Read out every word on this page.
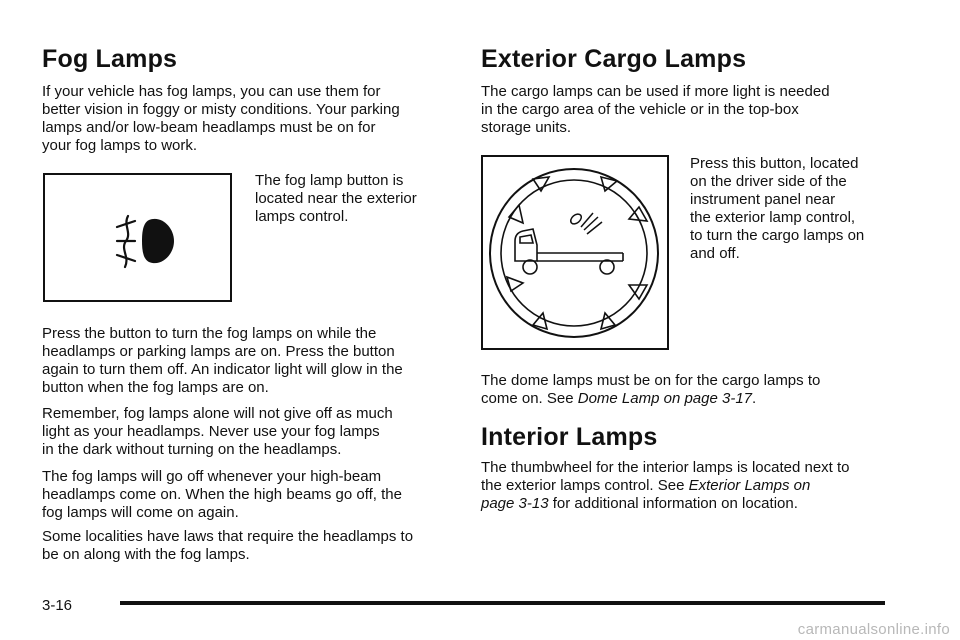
Fog Lamps

If your vehicle has fog lamps, you can use them for

better vision in foggy or misty conditions. Your parking

lamps and/or low-beam headlamps must be on for

your fog lamps to work.

The fog lamp button is

located near the exterior

lamps control.

Press the button to turn the fog lamps on while the

headlamps or parking lamps are on. Press the button

again to turn them off. An indicator light will glow in the

button when the fog lamps are on.

Remember, fog lamps alone will not give off as much

light as your headlamps. Never use your fog lamps

in the dark without turning on the headlamps.

The fog lamps will go off whenever your high-beam

headlamps come on. When the high beams go off, the

fog lamps will come on again.

Some localities have laws that require the headlamps to

be on along with the fog lamps.

Exterior Cargo Lamps

The cargo lamps can be used if more light is needed

in the cargo area of the vehicle or in the top-box

storage units.

Press this button, located

on the driver side of the

instrument panel near

the exterior lamp control,

to turn the cargo lamps on

and off.

The dome lamps must be on for the cargo lamps to

come on. See Dome Lamp on page 3-17.

Interior Lamps

The thumbwheel for the interior lamps is located next to

the exterior lamps control. See Exterior Lamps on

page 3-13 for additional information on location.

3-16
carmanualsonline.info
